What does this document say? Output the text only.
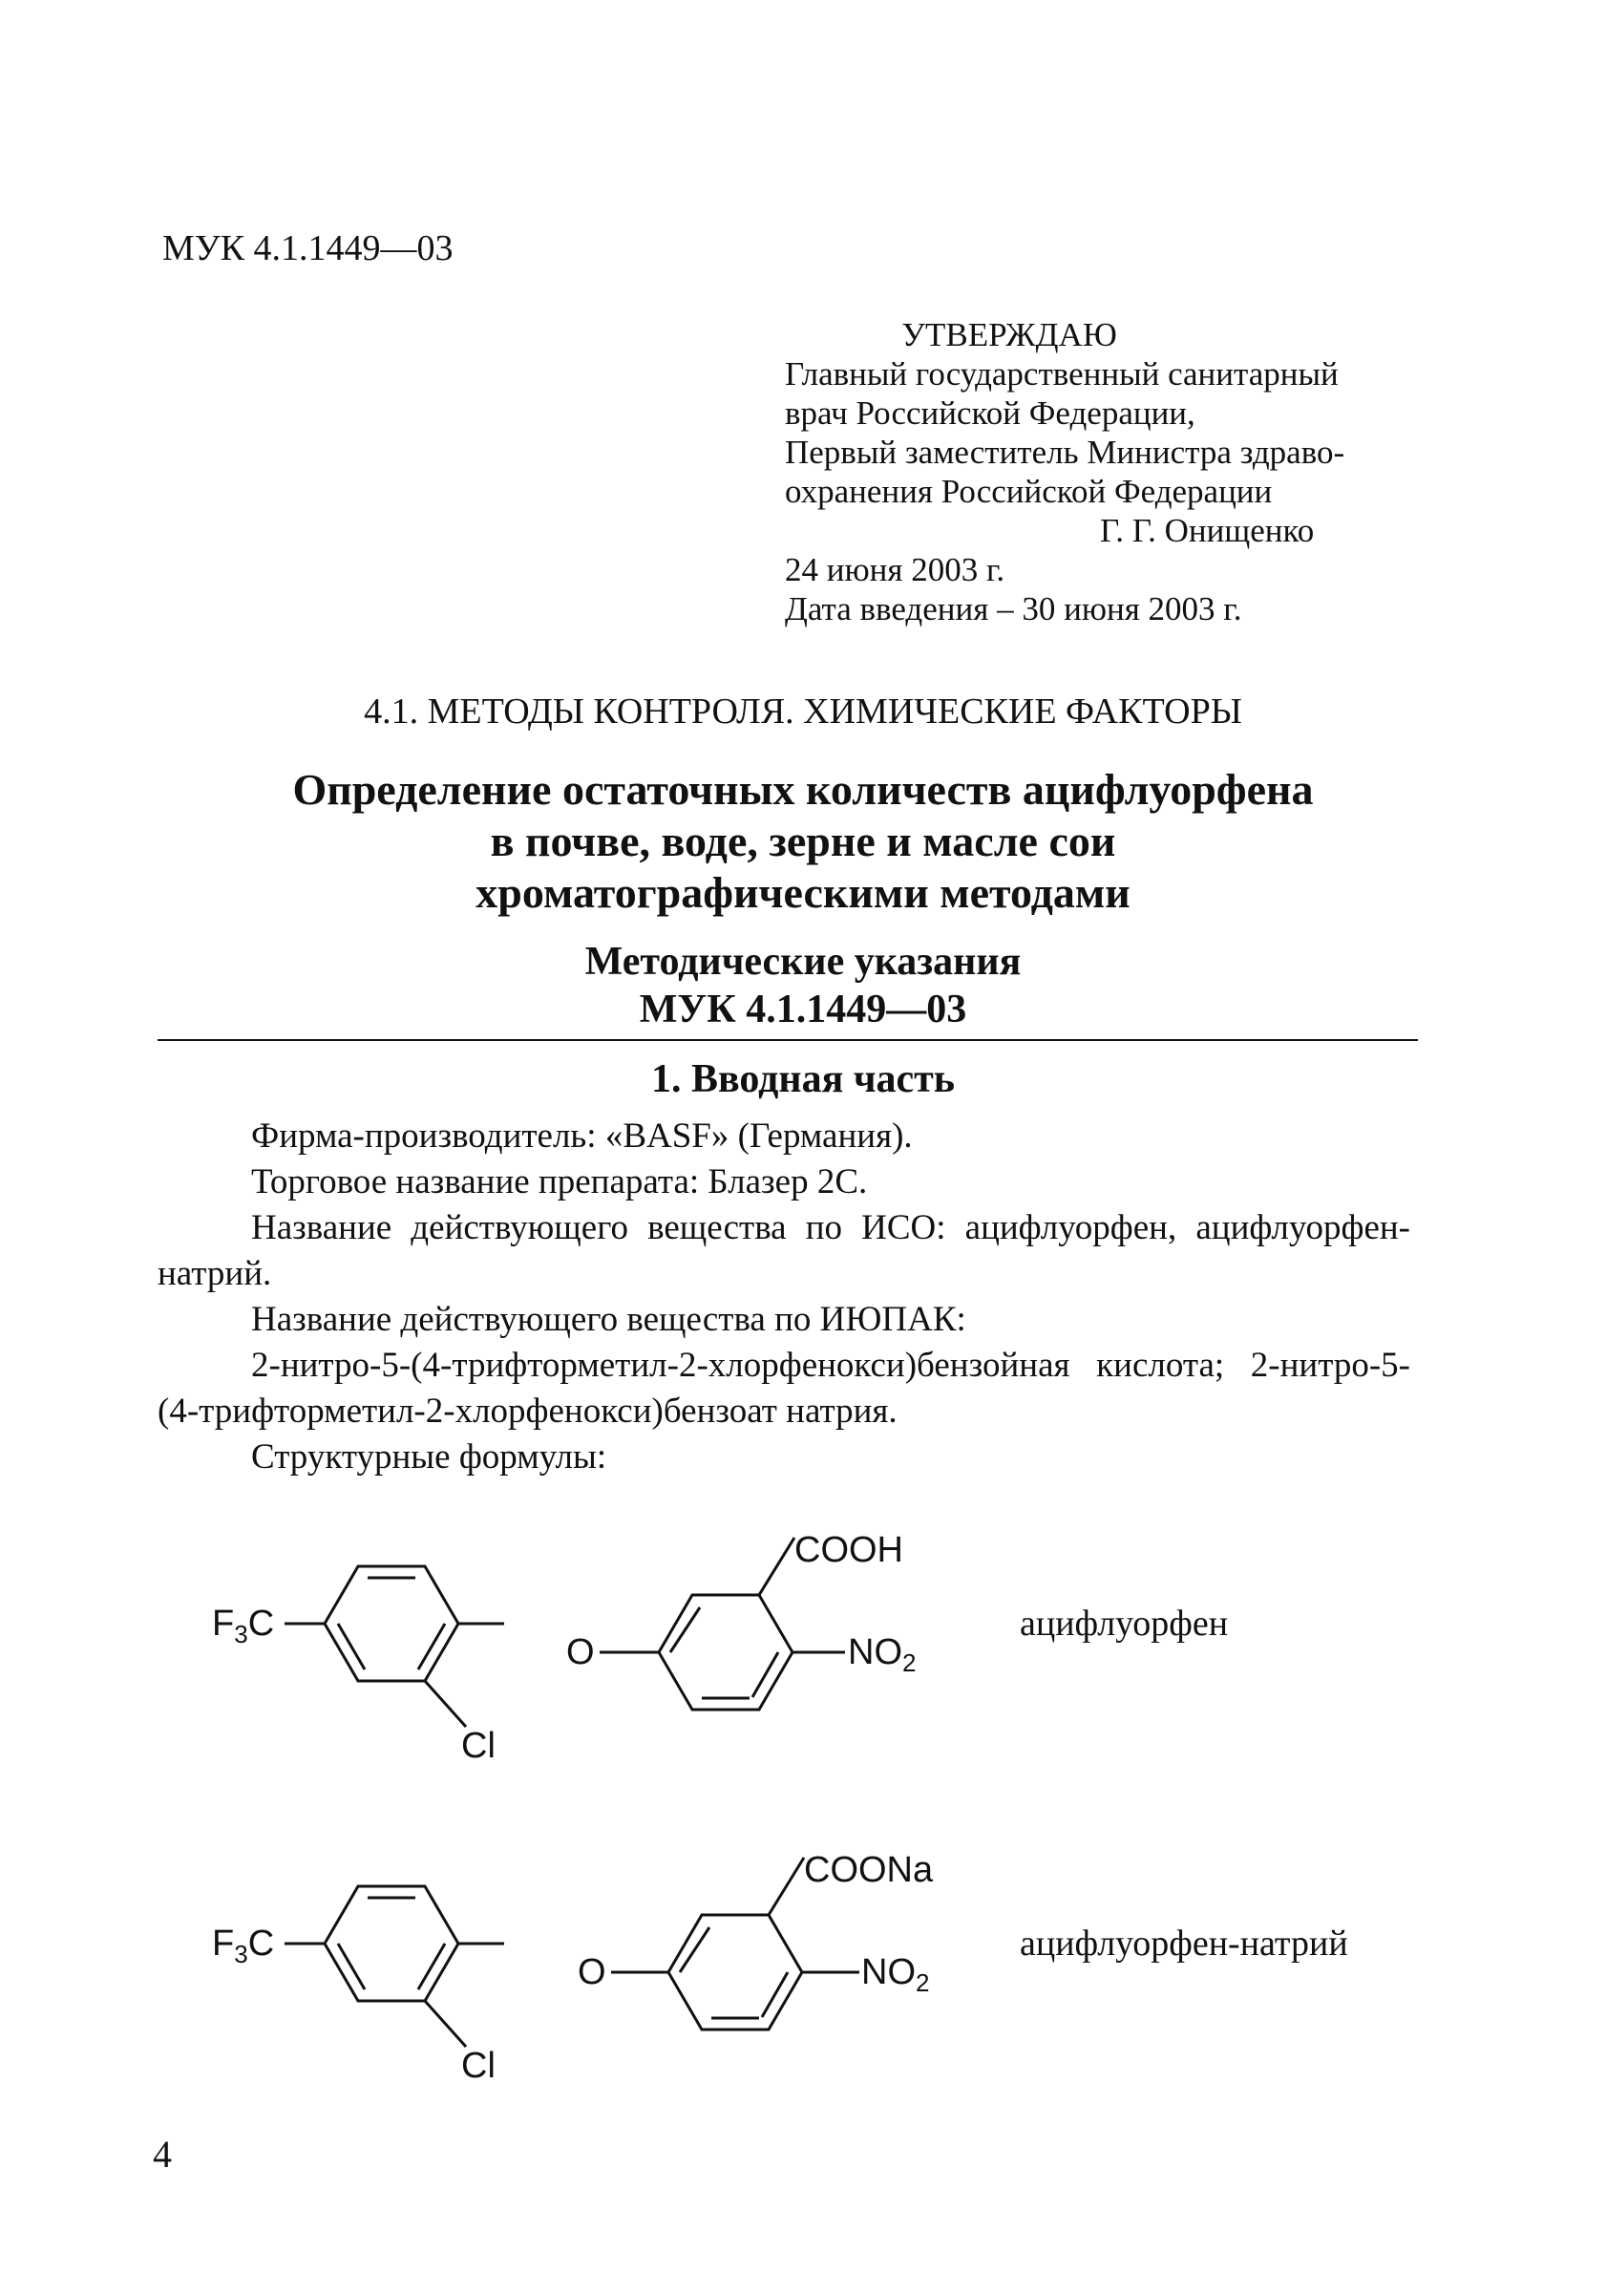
МУК 4.1.1449—03
УТВЕРЖДАЮ
Главный государственный санитарный
врач Российской Федерации,
Первый заместитель Министра здраво-
охранения Российской Федерации
Г. Г. Онищенко
24 июня 2003 г.
Дата введения – 30 июня 2003 г.
4.1. МЕТОДЫ КОНТРОЛЯ. ХИМИЧЕСКИЕ ФАКТОРЫ
Определение остаточных количеств ацифлуорфена
в почве, воде, зерне и масле сои
хроматографическими методами
Методические указания
МУК 4.1.1449—03
1. Вводная часть

Фирма-производитель: «BASF» (Германия).

Торговое название препарата: Блазер 2С.

Название действующего вещества по ИСО: ацифлуорфен, ацифлуорфен-натрий.

Название действующего вещества по ИЮПАК:

2-нитро-5-(4-трифторметил-2-хлорфенокси)бензойная кислота; 2-нитро-5-(4-трифторметил-2-хлорфенокси)бензоат натрия.

Структурные формулы:

$F_3C$
Cl
O
COOH
$NO_2$
ацифлуорфен
$F_3C$
Cl
O
COONa
$NO_2$
ацифлуорфен-натрий
4
